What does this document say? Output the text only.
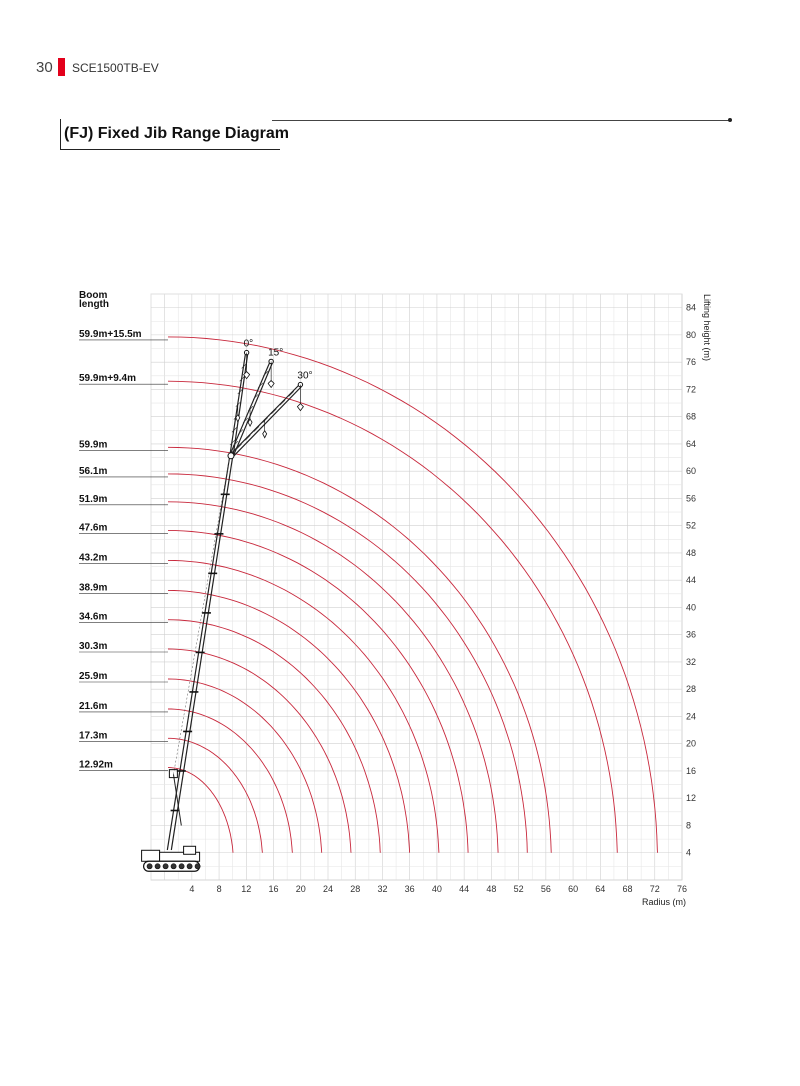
30 SCE1500TB-EV
(FJ) Fixed Jib Range Diagram
0°
15°
30°
59.9m+15.5m
59.9m+9.4m
59.9m
56.1m
51.9m
47.6m
43.2m
38.9m
34.6m
30.3m
25.9m
21.6m
17.3m
12.92m
4 8 12 16 20 24 28 32 36 40 44 48 52 56 60 64 68 72 76
4
8
12
16
20
24
28
32
36
40
44
48
52
56
60
64
68
72
76
80
84
Boom
length	Lifting height (m)
Radius (m)
